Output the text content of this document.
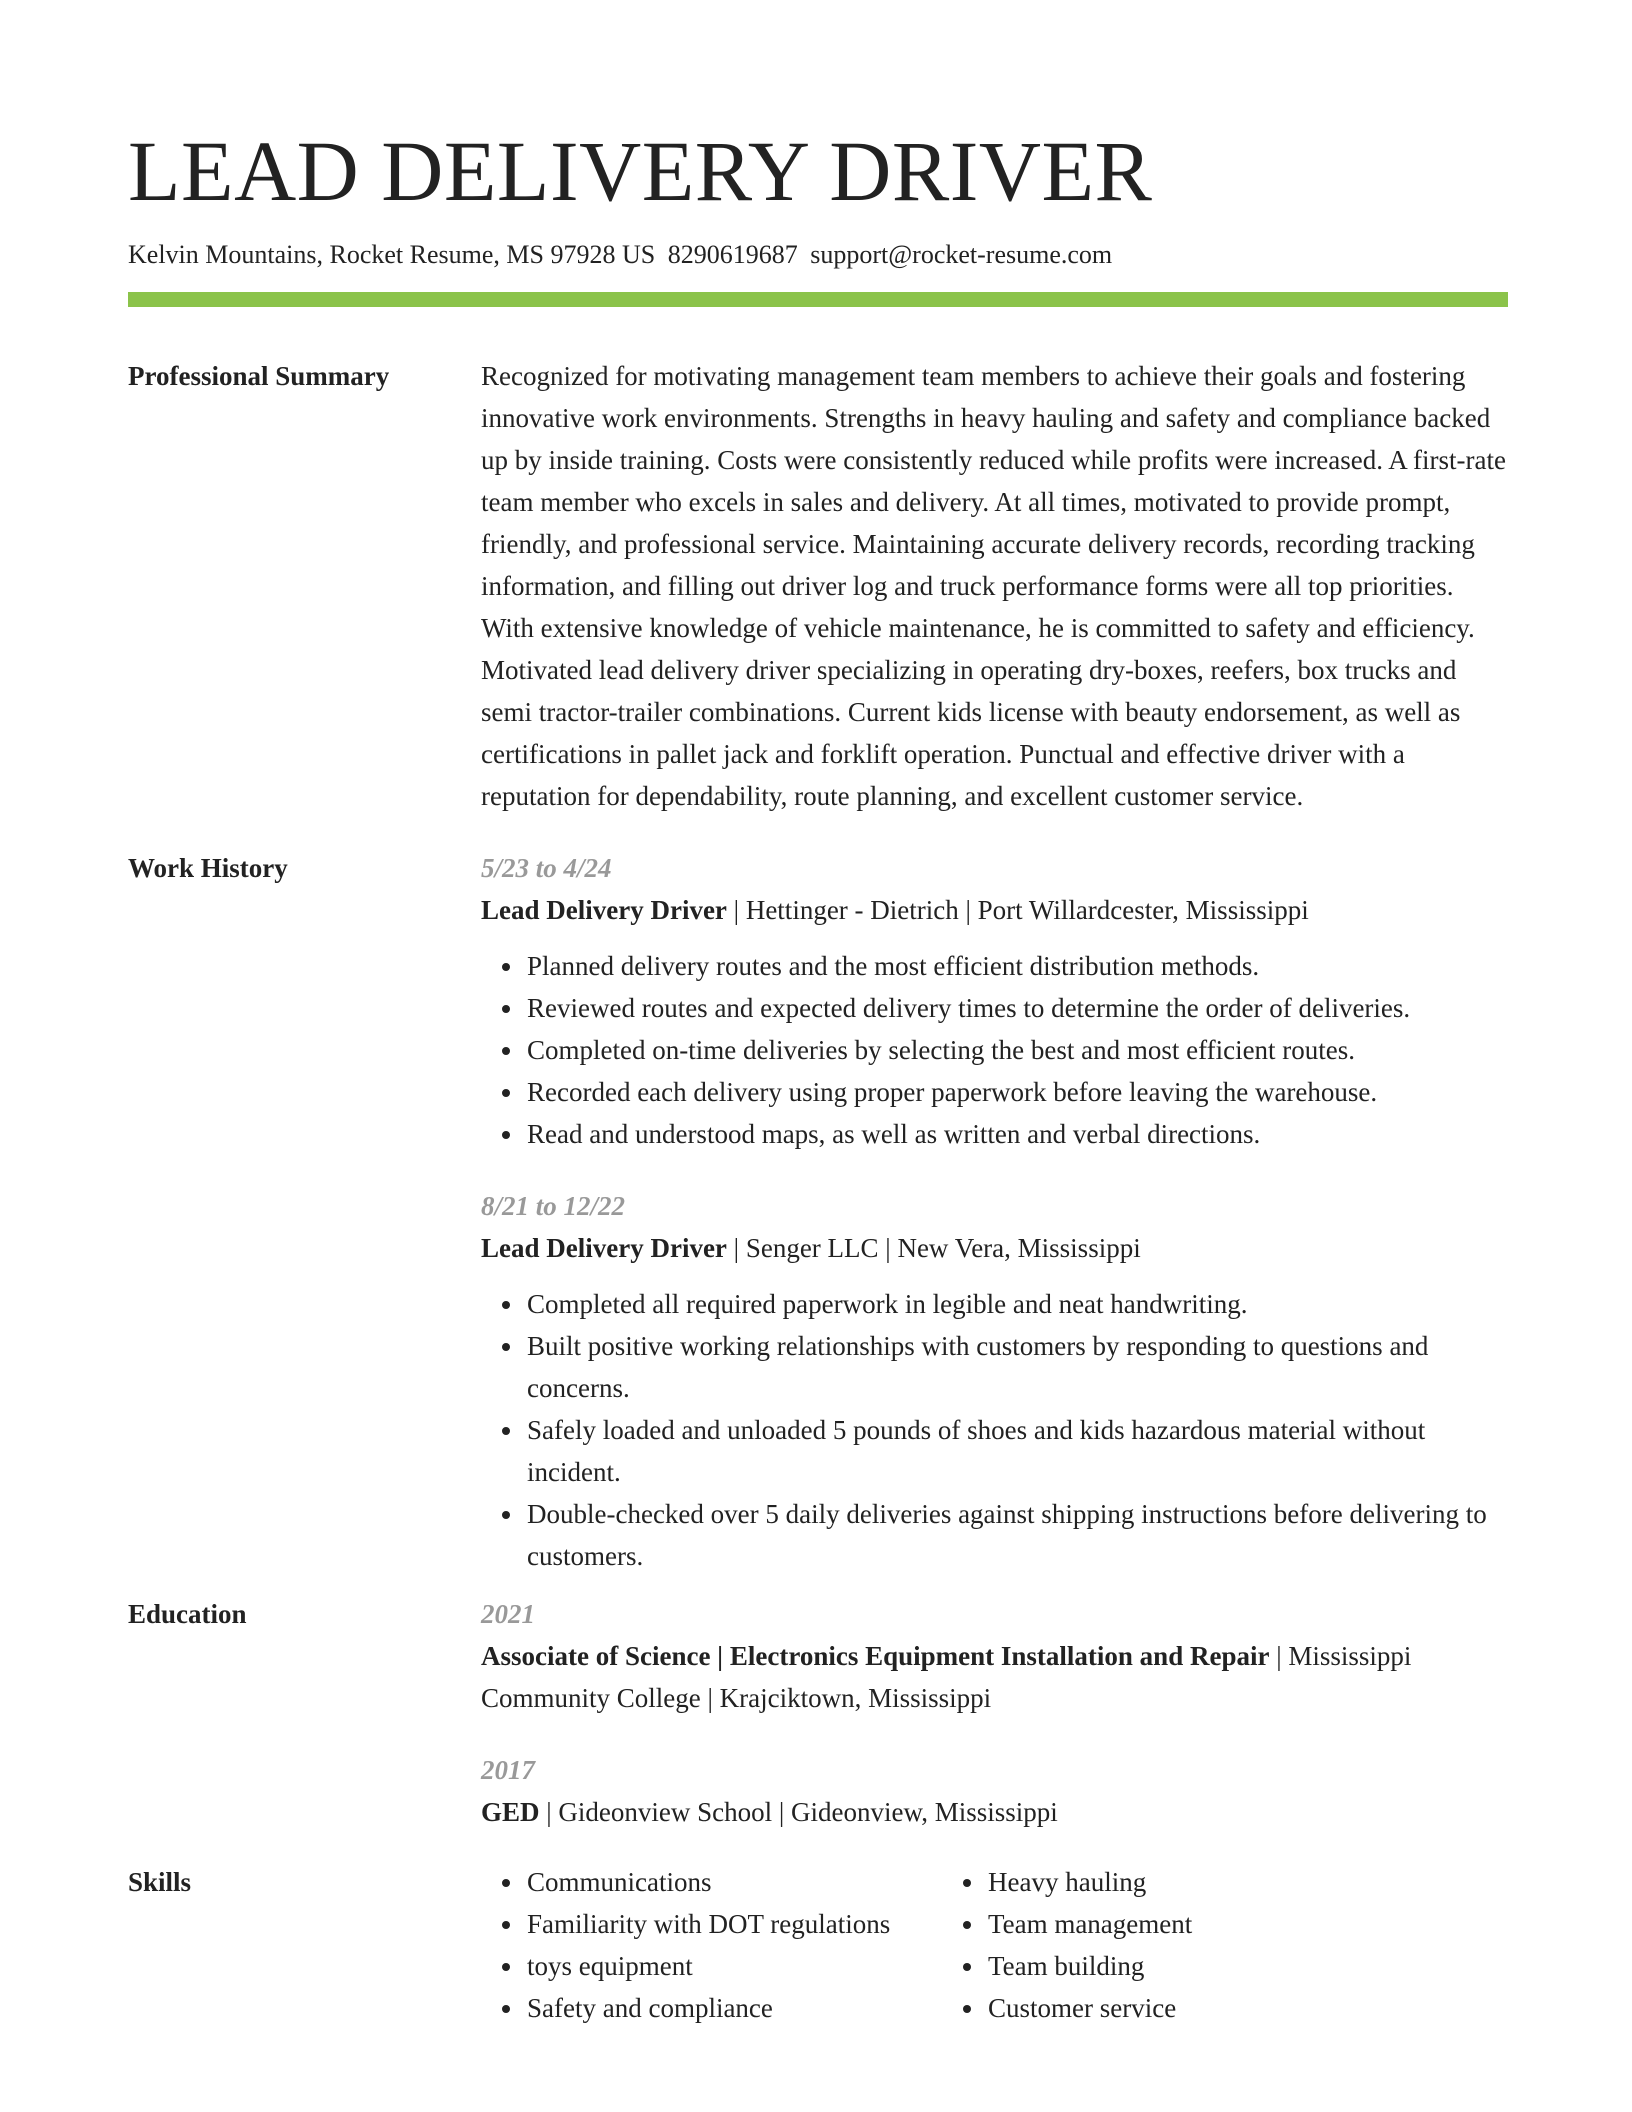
LEAD DELIVERY DRIVER
Kelvin Mountains, Rocket Resume, MS 97928 US 8290619687 support@rocket-resume.com
Professional Summary	Recognized for motivating management team members to achieve their goals and fostering innovative work environments. Strengths in heavy hauling and safety and compliance backed up by inside training. Costs were consistently reduced while profits were increased. A first-rate team member who excels in sales and delivery. At all times, motivated to provide prompt, friendly, and professional service. Maintaining accurate delivery records, recording tracking information, and filling out driver log and truck performance forms were all top priorities. With extensive knowledge of vehicle maintenance, he is committed to safety and efficiency. Motivated lead delivery driver specializing in operating dry-boxes, reefers, box trucks and semi tractor-trailer combinations. Current kids license with beauty endorsement, as well as certifications in pallet jack and forklift operation. Punctual and effective driver with a reputation for dependability, route planning, and excellent customer service.

Work History	5/23 to 4/24
Lead Delivery Driver | Hettinger - Dietrich | Port Willardcester, Mississippi
• Planned delivery routes and the most efficient distribution methods.
• Reviewed routes and expected delivery times to determine the order of deliveries.
• Completed on-time deliveries by selecting the best and most efficient routes.
• Recorded each delivery using proper paperwork before leaving the warehouse.
• Read and understood maps, as well as written and verbal directions.
8/21 to 12/22
Lead Delivery Driver | Senger LLC | New Vera, Mississippi
• Completed all required paperwork in legible and neat handwriting.
• Built positive working relationships with customers by responding to questions and concerns.
• Safely loaded and unloaded 5 pounds of shoes and kids hazardous material without incident.
• Double-checked over 5 daily deliveries against shipping instructions before delivering to customers.
Education	2021
Associate of Science | Electronics Equipment Installation and Repair | Mississippi Community College | Krajciktown, Mississippi
2017
GED | Gideonview School | Gideonview, Mississippi
Skills
•	Communications
• Familiarity with DOT regulations
• toys equipment
• Safety and compliance
• Heavy hauling
• Team management
• Team building
• Customer service
